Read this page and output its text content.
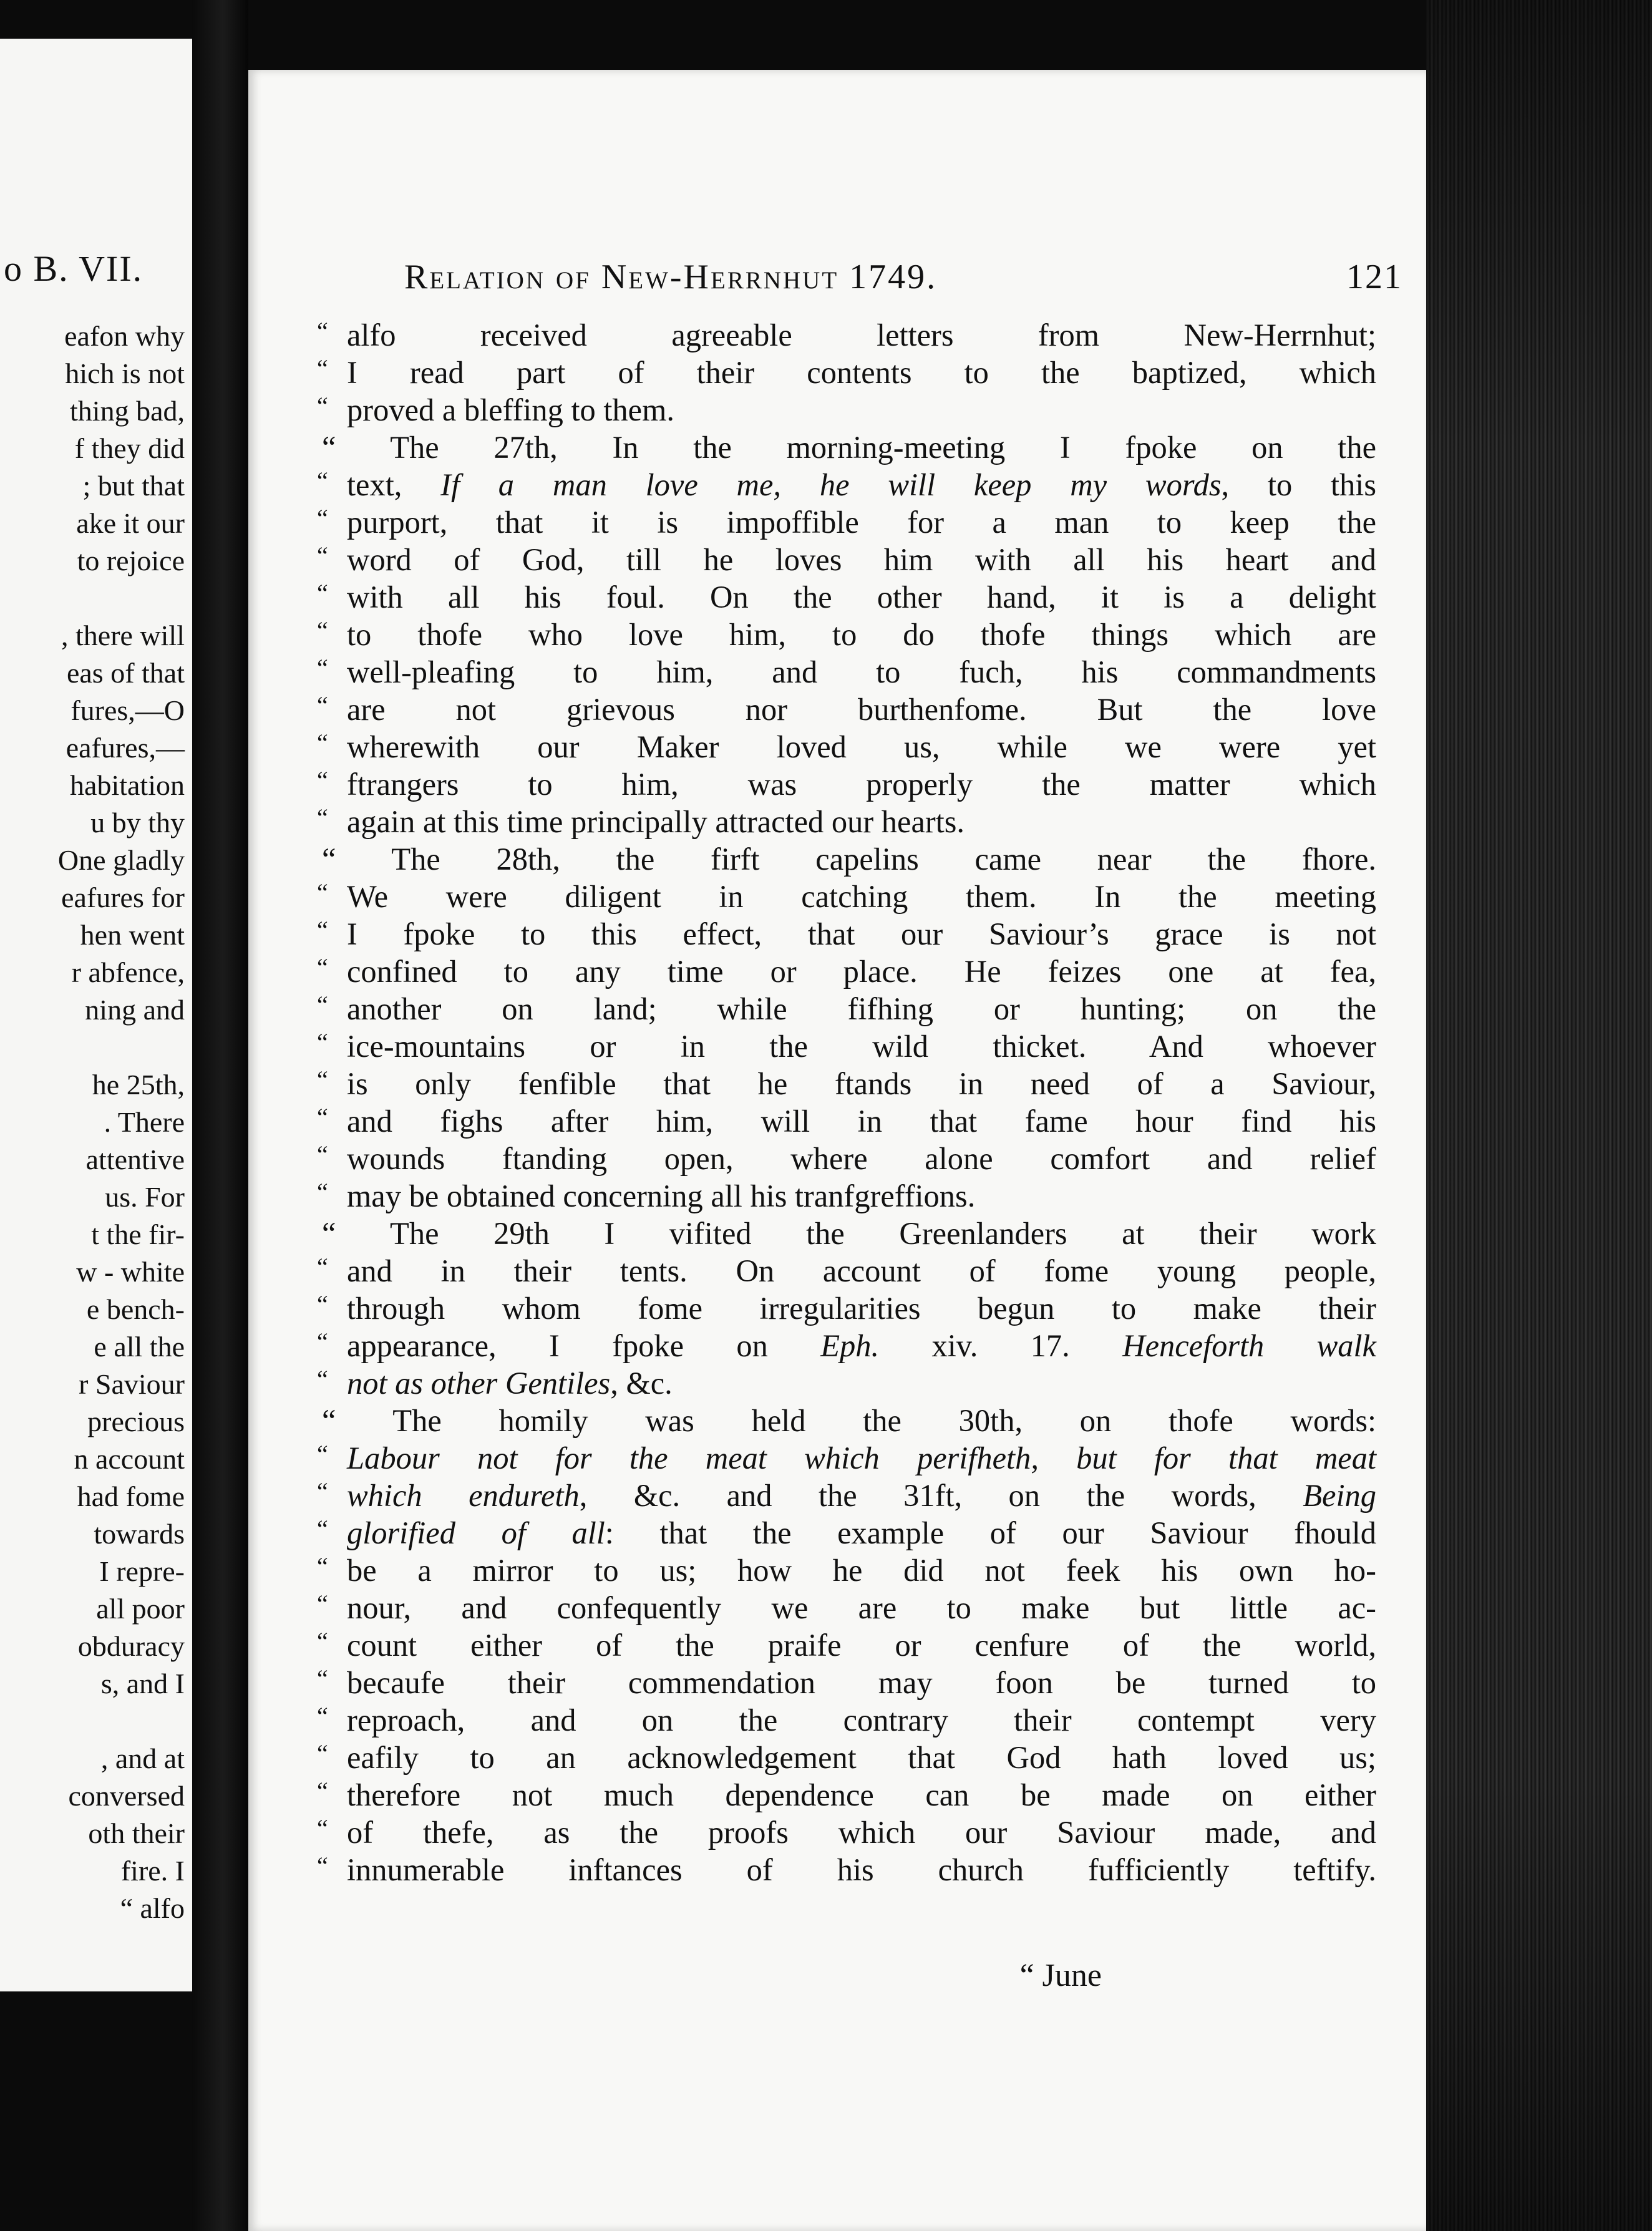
o B. VII.
eafon why
hich is not
thing bad,
f they did
; but that
ake it our
to rejoice
, there will
eas of that
fures,—O
eafures,—
habitation
u by thy
One gladly
eafures for
hen went
r abfence,
ning and
he 25th,
. There
attentive
us. For
t the fir-
w - white
e bench-
e all the
r Saviour
precious
n account
had fome
towards
I repre-
all poor
obduracy
s, and I
, and at
conversed
oth their
fire. I
“ alfo
Relation of New-Herrnhut 1749.	121
“ alfo received agreeable letters from New-Herrnhut;
“ I read part of their contents to the baptized, which
“ proved a bleffing to them.
“ The 27th, In the morning-meeting I fpoke on the
“ text, If a man love me, he will keep my words, to this
“ purport, that it is impoffible for a man to keep the
“ word of God, till he loves him with all his heart and
“ with all his foul. On the other hand, it is a delight
“ to thofe who love him, to do thofe things which are
“ well-pleafing to him, and to fuch, his commandments
“ are not grievous nor burthenfome. But the love
“ wherewith our Maker loved us, while we were yet
“ ftrangers to him, was properly the matter which
“ again at this time principally attracted our hearts.
“ The 28th, the firft capelins came near the fhore.
“ We were diligent in catching them. In the meeting
“ I fpoke to this effect, that our Saviour’s grace is not
“ confined to any time or place. He feizes one at fea,
“ another on land; while fifhing or hunting; on the
“ ice-mountains or in the wild thicket. And whoever
“ is only fenfible that he ftands in need of a Saviour,
“ and fighs after him, will in that fame hour find his
“ wounds ftanding open, where alone comfort and relief
“ may be obtained concerning all his tranfgreffions.
“ The 29th I vifited the Greenlanders at their work
“ and in their tents. On account of fome young people,
“ through whom fome irregularities begun to make their
“ appearance, I fpoke on Eph. xiv. 17. Henceforth walk
“ not as other Gentiles, &c.
“ The homily was held the 30th, on thofe words:
“ Labour not for the meat which perifheth, but for that meat
“ which endureth, &c. and the 31ft, on the words, Being
“ glorified of all: that the example of our Saviour fhould
“ be a mirror to us; how he did not feek his own ho-
“ nour, and confequently we are to make but little ac-
“ count either of the praife or cenfure of the world,
“ becaufe their commendation may foon be turned to
“ reproach, and on the contrary their contempt very
“ eafily to an acknowledgement that God hath loved us;
“ therefore not much dependence can be made on either
“ of thefe, as the proofs which our Saviour made, and
“ innumerable inftances of his church fufficiently teftify.
“ June
